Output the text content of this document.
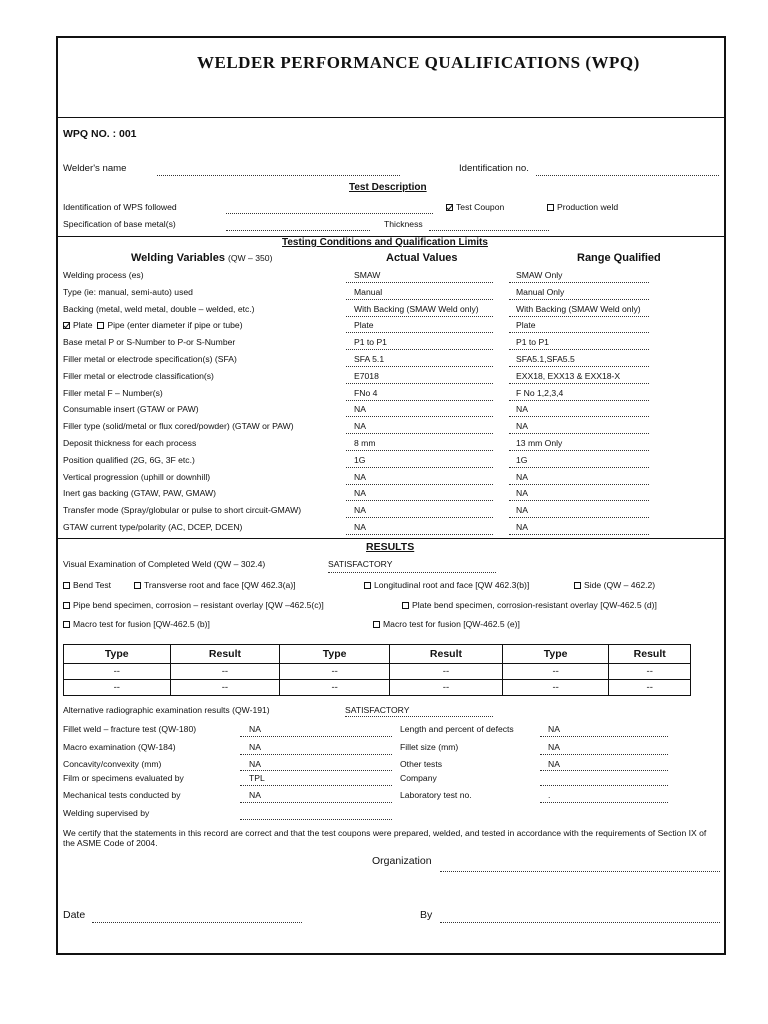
WELDER PERFORMANCE QUALIFICATIONS (WPQ)
WPQ NO. : 001
Welder's name	Identification no.
Test Description
Identification of WPS followed	Test Coupon	Production weld
Specification of base metal(s)	Thickness
Testing Conditions and Qualification Limits
Welding Variables (QW – 350)	Actual Values	Range Qualified
Welding process (es)	SMAW	SMAW Only
Type (ie: manual, semi-auto) used	Manual	Manual Only
Backing (metal, weld metal, double – welded, etc.)	With Backing (SMAW Weld only)	With Backing (SMAW Weld only)
Plate Pipe (enter diameter if pipe or tube)	Plate	Plate
Base metal P or S-Number to P-or S-Number	P1 to P1	P1 to P1
Filler metal or electrode specification(s) (SFA)	SFA 5.1	SFA5.1,SFA5.5
Filler metal or electrode classification(s)	E7018	EXX18, EXX13 & EXX18-X
Filler metal F – Number(s)	FNo 4	F No 1,2,3,4
Consumable insert (GTAW or PAW)	NA	NA
Filler type (solid/metal or flux cored/powder) (GTAW or PAW)	NA	NA
Deposit thickness for each process	8 mm	13 mm Only
Position qualified (2G, 6G, 3F etc.)	1G	1G
Vertical progression (uphill or downhill)	NA	NA
Inert gas backing (GTAW, PAW, GMAW)	NA	NA
Transfer mode (Spray/globular or pulse to short circuit-GMAW)	NA	NA
GTAW current type/polarity (AC, DCEP, DCEN)	NA	NA
RESULTS
Visual Examination of Completed Weld (QW – 302.4)	SATISFACTORY
Bend Test	Transverse root and face [QW 462.3(a)]	Longitudinal root and face [QW 462.3(b)]	Side (QW – 462.2)
Pipe bend specimen, corrosion – resistant overlay [QW –462.5(c)]	Plate bend specimen, corrosion-resistant overlay [QW-462.5 (d)]
Macro test for fusion [QW-462.5 (b)]	Macro test for fusion [QW-462.5 (e)]
Type	Result	Type	Result	Type	Result
--	--	--	--	--	--
--	--	--	--	--	--
Alternative radiographic examination results (QW-191)	SATISFACTORY
Fillet weld – fracture test (QW-180)	NA	Length and percent of defects	NA
Macro examination (QW-184)	NA	Fillet size (mm)	NA
Concavity/convexity (mm)	NA	Other tests	NA
Film or specimens evaluated by	TPL	Company
Mechanical tests conducted by	NA	Laboratory test no.	.
Welding supervised by
We certify that the statements in this record are correct and that the test coupons were prepared, welded, and tested in accordance with the requirements of Section IX of the ASME Code of 2004.
Organization
Date	By
